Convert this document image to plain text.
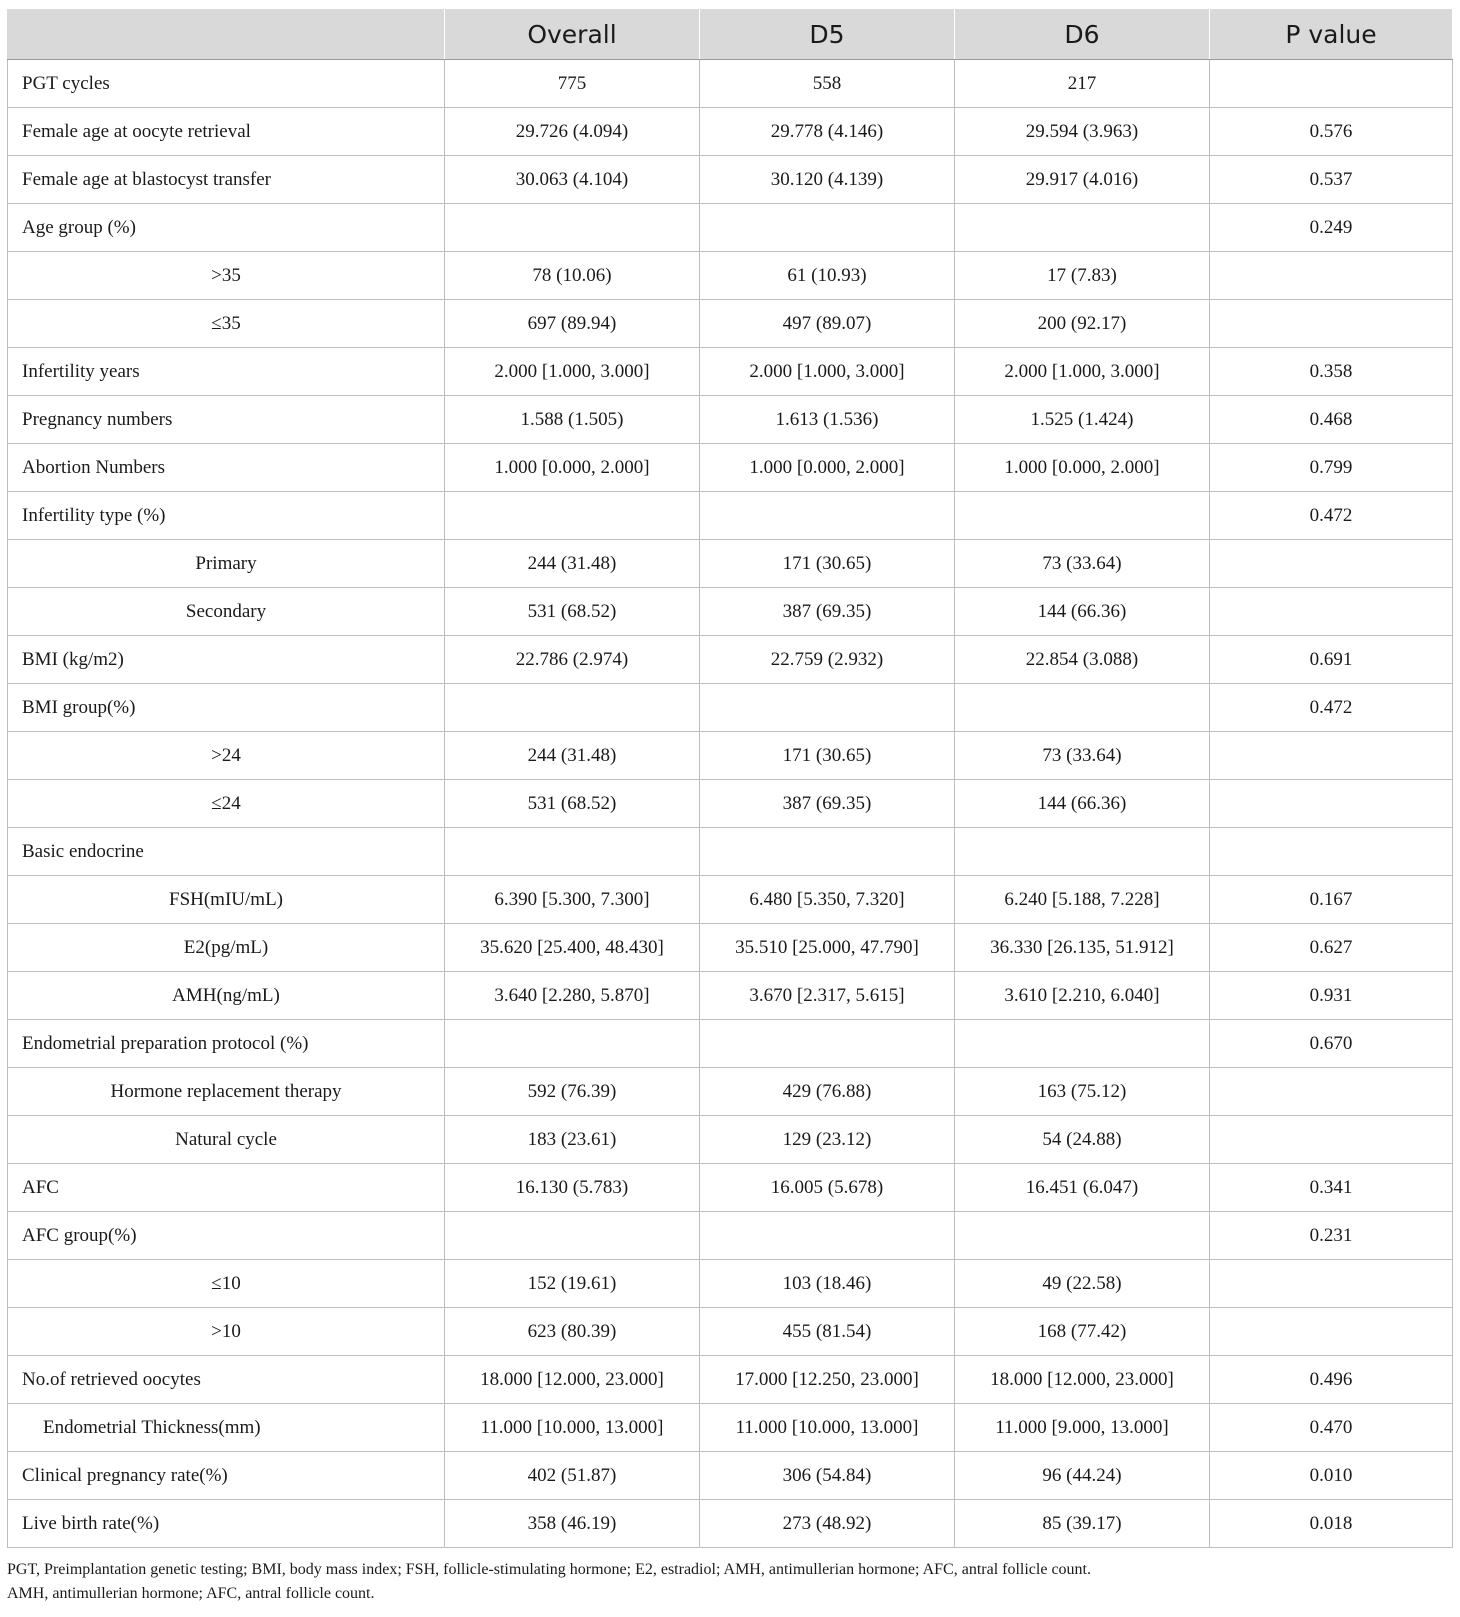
	Overall	D5	D6	P value
PGT cycles	775	558	217	
Female age at oocyte retrieval	29.726 (4.094)	29.778 (4.146)	29.594 (3.963)	0.576
Female age at blastocyst transfer	30.063 (4.104)	30.120 (4.139)	29.917 (4.016)	0.537
Age group (%)				0.249
>35	78 (10.06)	61 (10.93)	17 (7.83)	
≤35	697 (89.94)	497 (89.07)	200 (92.17)	
Infertility years	2.000 [1.000, 3.000]	2.000 [1.000, 3.000]	2.000 [1.000, 3.000]	0.358
Pregnancy numbers	1.588 (1.505)	1.613 (1.536)	1.525 (1.424)	0.468
Abortion Numbers	1.000 [0.000, 2.000]	1.000 [0.000, 2.000]	1.000 [0.000, 2.000]	0.799
Infertility type (%)				0.472
Primary	244 (31.48)	171 (30.65)	73 (33.64)	
Secondary	531 (68.52)	387 (69.35)	144 (66.36)	
BMI (kg/m2)	22.786 (2.974)	22.759 (2.932)	22.854 (3.088)	0.691
BMI group(%)				0.472
>24	244 (31.48)	171 (30.65)	73 (33.64)	
≤24	531 (68.52)	387 (69.35)	144 (66.36)	
Basic endocrine				
FSH(mIU/mL)	6.390 [5.300, 7.300]	6.480 [5.350, 7.320]	6.240 [5.188, 7.228]	0.167
E2(pg/mL)	35.620 [25.400, 48.430]	35.510 [25.000, 47.790]	36.330 [26.135, 51.912]	0.627
AMH(ng/mL)	3.640 [2.280, 5.870]	3.670 [2.317, 5.615]	3.610 [2.210, 6.040]	0.931
Endometrial preparation protocol (%)				0.670
Hormone replacement therapy	592 (76.39)	429 (76.88)	163 (75.12)	
Natural cycle	183 (23.61)	129 (23.12)	54 (24.88)	
AFC	16.130 (5.783)	16.005 (5.678)	16.451 (6.047)	0.341
AFC group(%)				0.231
≤10	152 (19.61)	103 (18.46)	49 (22.58)	
>10	623 (80.39)	455 (81.54)	168 (77.42)	
No.of retrieved oocytes	18.000 [12.000, 23.000]	17.000 [12.250, 23.000]	18.000 [12.000, 23.000]	0.496
Endometrial Thickness(mm)	11.000 [10.000, 13.000]	11.000 [10.000, 13.000]	11.000 [9.000, 13.000]	0.470
Clinical pregnancy rate(%)	402 (51.87)	306 (54.84)	96 (44.24)	0.010
Live birth rate(%)	358 (46.19)	273 (48.92)	85 (39.17)	0.018
PGT, Preimplantation genetic testing; BMI, body mass index; FSH, follicle-stimulating hormone; E2, estradiol; AMH, antimullerian hormone; AFC, antral follicle count.
AMH, antimullerian hormone; AFC, antral follicle count.
